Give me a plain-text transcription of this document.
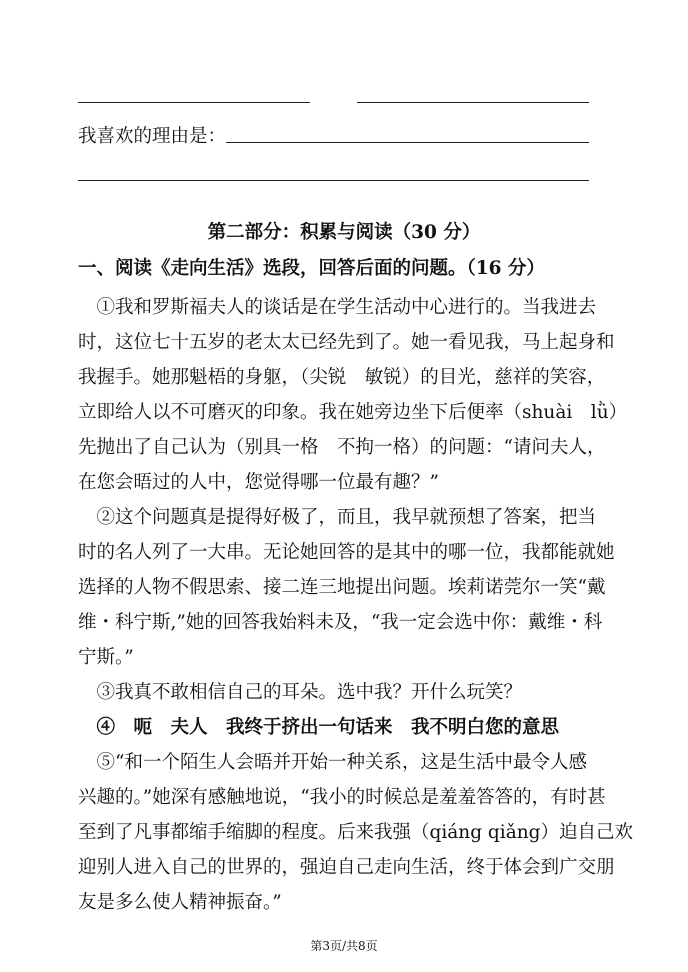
我喜欢的理由是：
第二部分：积累与阅读（30 分）
一、阅读《走向生活》选段，回答后面的问题。（16 分）
　①我和罗斯福夫人的谈话是在学生活动中心进行的。当我进去
时，这位七十五岁的老太太已经先到了。她一看见我，马上起身和
我握手。她那魁梧的身躯，（尖锐　敏锐）的目光，慈祥的笑容，
立即给人以不可磨灭的印象。我在她旁边坐下后便率（shuài　lǜ）
先抛出了自己认为（别具一格　不拘一格）的问题：“请问夫人，
在您会晤过的人中，您觉得哪一位最有趣？”
　②这个问题真是提得好极了，而且，我早就预想了答案，把当
时的名人列了一大串。无论她回答的是其中的哪一位，我都能就她
选择的人物不假思索、接二连三地提出问题。埃莉诺莞尔一笑“戴
维・科宁斯,”她的回答我始料未及，“我一定会选中你：戴维・科
宁斯。”
　③我真不敢相信自己的耳朵。选中我？开什么玩笑？
　④　呃　夫人　我终于挤出一句话来　我不明白您的意思
　⑤“和一个陌生人会晤并开始一种关系，这是生活中最令人感
兴趣的。”她深有感触地说，“我小的时候总是羞羞答答的，有时甚
至到了凡事都缩手缩脚的程度。后来我强（qiáng qiǎng）迫自己欢
迎别人进入自己的世界的，强迫自己走向生活，终于体会到广交朋
友是多么使人精神振奋。”
第3页/共8页
